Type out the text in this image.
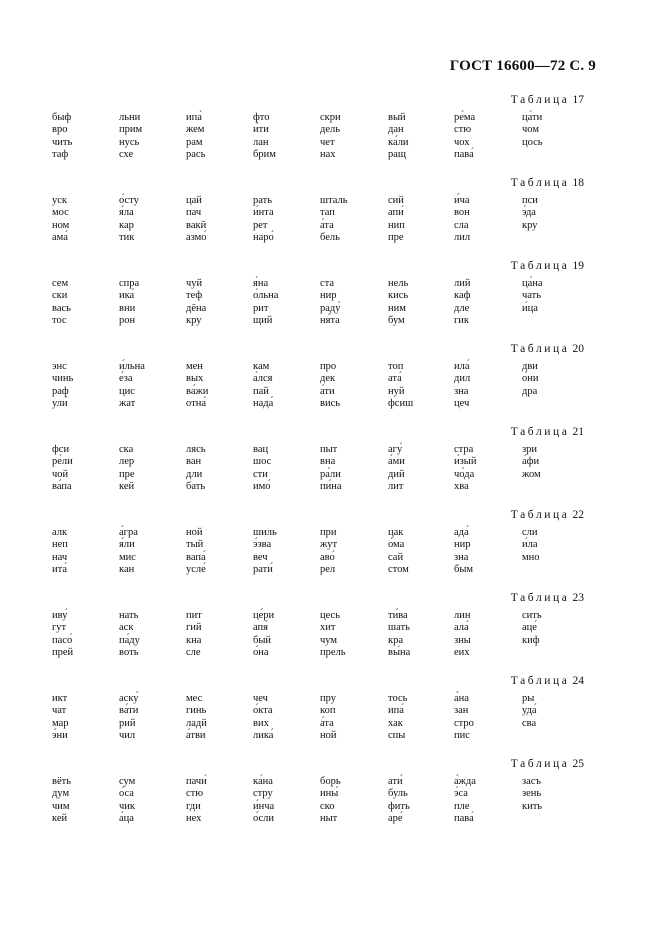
ГОСТ 16600—72 С. 9
Таблица 17
быф
вро
чить
таф
льни
прим
нусь
схе
ипа́
жем
рам
рась
фто
и́ти
лан
брим
скри
дель
чет
нах
вый
дан
ка́ли
ращ
ре́ма
стю
чох
пава́
ца́ти
чом
цось
Таблица 18
уск
мос
ном
ама́
о́сту
я́ла
кар
тик
цай
пач
вакй
азмо́
рать
и́нта
рет
наро́
шталь
тап
а́та
бель
сий
апи́
нип
пре
и́ча
вон
сла
лил
пси
э́да
кру
Таблица 19
сем
ски
вась
тос
спра
ика́
вни
рон
чуй
теф
дёна
кру
я́на
о́льна
рит
щий
ста
нир
раду́
ня́та
нель
кись
ним
бум
лий
каф
дле
гик
ца́на
чать
и́ца
Таблица 20
энс
чинь
раф
ули́
и́льна
е́за
цис
жат
мен
вых
ва́жи
отна́
кам
а́лся
пай
нада́
про
дек
а́ти
вись
топ
ата́
нуй
фсиш
ила́
дил
зна
цеч
дви
о́ни
дра
Таблица 21
фси
ре́ли
чой
ва́па
ска
лер
пре
кей
лясь
ван
дли
бать
вац
шос
сти
имо́
пыт
вна
ра́ли
пи́на
агу́
а́ми
дий
лит
стра
и́зый
чо́да
хва
зри
а́фи
жом
Таблица 22
алк
неп
нач
ита́
а́гра
я́ли
мис
кан
ной
тый
вапа́
усле́
шиль
э́зва
веч
рати́
при
жут
аво́
рел
цак
о́ма
сай
стом
ада́
нир
зна
бым
сли
и́ла
мно
Таблица 23
иву́
гут
пасо́
прей
нать
аск
па́ду
вoть
пит
гий
кна
сле
це́ри
апя́
бый
о́на
цесь
хит
чум
прель
ти́ва
шать
кра
вы́на
лин
ала́
зны
еих
сить
аце́
киф
Таблица 24
икт
чат
мар
э́ни
аску́
ва́ти
рий
чил
мес
гинь
ладй
а́тви
чеч
о́кта
вих
лика́
пру
коп
а́та
ной
тось
ипа́
хак
спы
а́на
зан
стро
пис
ры
уда́
сва
Таблица 25
вёть
дум
чим
кей
сум
о́са
чик
а́ца
пачи́
стю
гди
нех
ка́на
стру
и́нча
о́сли
борь
ины́
ско
ныт
ати́
буль
фить
аре́
а́жда
э́са
пле
пава́
засъ
зень
кить
